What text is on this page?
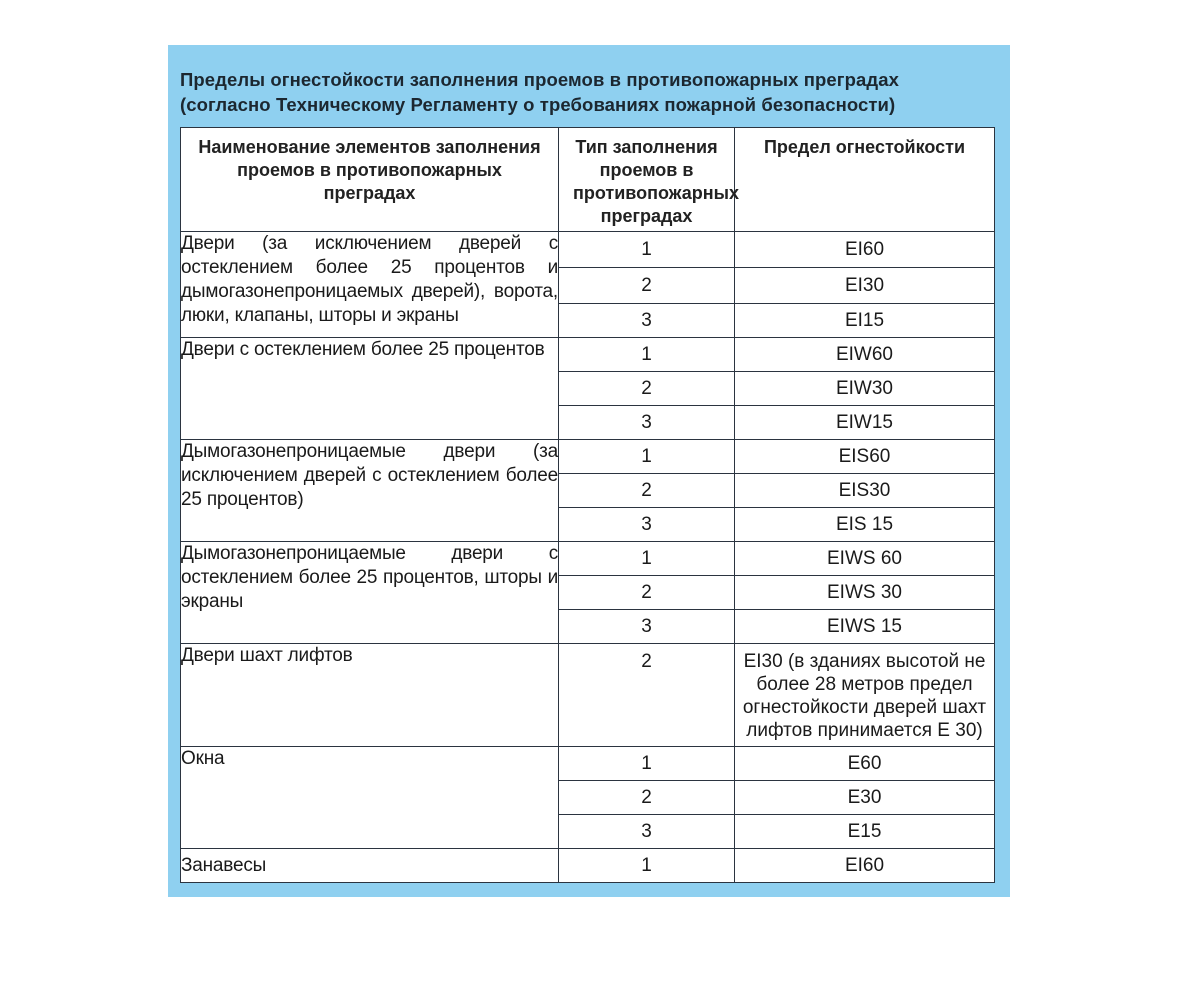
Пределы огнестойкости заполнения проемов в противопожарных преградах
(согласно Техническому Регламенту о требованиях пожарной безопасности)
Наименование элементов заполнения проемов в противопожарных преградах	Тип заполнения проемов в противопожарных преградах	Предел огнестойкости
Двери (за исключением дверей с остеклением более 25 процентов и дымогазонепроницаемых дверей), ворота, люки, клапаны, шторы и экраны	1	EI60
	2	EI30
	3	EI15
Двери с остеклением более 25 процентов	1	EIW60
	2	EIW30
	3	EIW15
Дымогазонепроницаемые двери (за исключением дверей с остеклением более 25 процентов)	1	EIS60
	2	EIS30
	3	EIS 15
Дымогазонепроницаемые двери с остеклением более 25 процентов, шторы и экраны	1	EIWS 60
	2	EIWS 30
	3	EIWS 15
Двери шахт лифтов	2	EI30 (в зданиях высотой не более 28 метров предел огнестойкости дверей шахт лифтов принимается Е 30)
Окна	1	E60
	2	E30
	3	E15
Занавесы	1	EI60
